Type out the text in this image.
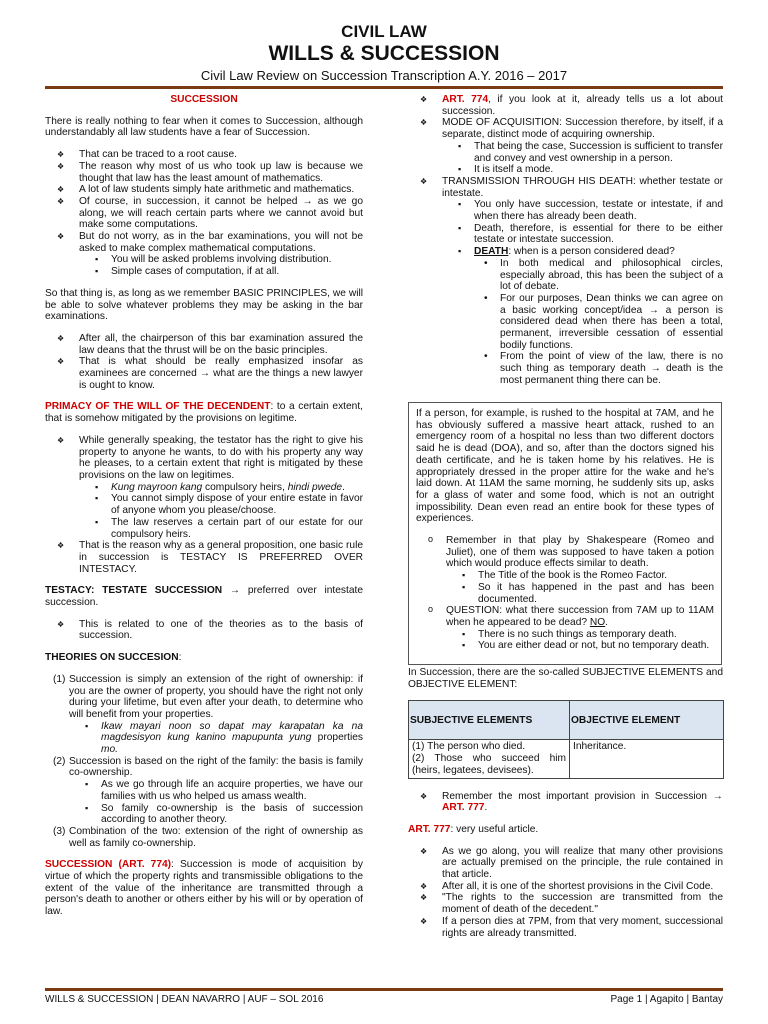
CIVIL LAW
WILLS & SUCCESSION
Civil Law Review on Succession Transcription A.Y. 2016 – 2017
SUCCESSION

There is really nothing to fear when it comes to Succession, although understandably all law students have a fear of Succession.

❖ That can be traced to a root cause.
❖ The reason why most of us who took up law is because we thought that law has the least amount of mathematics.
❖ A lot of law students simply hate arithmetic and mathematics.
❖ Of course, in succession, it cannot be helped → as we go along, we will reach certain parts where we cannot avoid but make some computations.
❖ But do not worry, as in the bar examinations, you will not be asked to make complex mathematical computations.
▪ You will be asked problems involving distribution.
▪ Simple cases of computation, if at all.

So that thing is, as long as we remember BASIC PRINCIPLES, we will be able to solve whatever problems they may be asking in the bar examinations.

❖ After all, the chairperson of this bar examination assured the law deans that the thrust will be on the basic principles.
❖ That is what should be really emphasized insofar as examinees are concerned → what are the things a new lawyer is ought to know.

PRIMACY OF THE WILL OF THE DECENDENT: to a certain extent, that is somehow mitigated by the provisions on legitime.

❖ While generally speaking, the testator has the right to give his property to anyone he wants, to do with his property any way he pleases, to a certain extent that right is mitigated by these provisions on the law on legitimes.
▪ Kung mayroon kang compulsory heirs, hindi pwede.
▪ You cannot simply dispose of your entire estate in favor of anyone whom you please/choose.
▪ The law reserves a certain part of our estate for our compulsory heirs.
❖ That is the reason why as a general proposition, one basic rule in succession is TESTACY IS PREFERRED OVER INTESTACY.

TESTACY: TESTATE SUCCESSION → preferred over intestate succession.

❖ This is related to one of the theories as to the basis of succession.

THEORIES ON SUCCESION:

(1) Succession is simply an extension of the right of ownership: if you are the owner of property, you should have the right not only during your lifetime, but even after your death, to determine who will benefit from your properties.
▪ Ikaw mayari noon so dapat may karapatan ka na magdesisyon kung kanino mapupunta yung properties mo.
(2) Succession is based on the right of the family: the basis is family co-ownership.
▪ As we go through life an acquire properties, we have our families with us who helped us amass wealth.
▪ So family co-ownership is the basis of succession according to another theory.
(3) Combination of the two: extension of the right of ownership as well as family co-ownership.

SUCCESSION (ART. 774): Succession is mode of acquisition by virtue of which the property rights and transmissible obligations to the extent of the value of the inheritance are transmitted through a person's death to another or others either by his will or by operation of law.

❖ ART. 774, if you look at it, already tells us a lot about succession.
❖ MODE OF ACQUISITION: Succession therefore, by itself, if a separate, distinct mode of acquiring ownership.
▪ That being the case, Succession is sufficient to transfer and convey and vest ownership in a person.
▪ It is itself a mode.
❖ TRANSMISSION THROUGH HIS DEATH: whether testate or intestate.
▪ You only have succession, testate or intestate, if and when there has already been death.
▪ Death, therefore, is essential for there to be either testate or intestate succession.
▪ DEATH: when is a person considered dead?
• In both medical and philosophical circles, especially abroad, this has been the subject of a lot of debate.
• For our purposes, Dean thinks we can agree on a basic working concept/idea → a person is considered dead when there has been a total, permanent, irreversible cessation of essential bodily functions.
• From the point of view of the law, there is no such thing as temporary death → death is the most permanent thing there can be.

If a person, for example, is rushed to the hospital at 7AM, and he has obviously suffered a massive heart attack, rushed to an emergency room of a hospital no less than two different doctors said he is dead (DOA), and so, after than the doctors signed his death certificate, and he is taken home by his relatives. He is appropriately dressed in the proper attire for the wake and he's laid down. At 11AM the same morning, he suddenly sits up, asks for a glass of water and some food, which is not an outright impossibility. Dean even read an entire book for these types of experiences.

o Remember in that play by Shakespeare (Romeo and Juliet), one of them was supposed to have taken a potion which would produce effects similar to death.
▪ The Title of the book is the Romeo Factor.
▪ So it has happened in the past and has been documented.
o QUESTION: what there succession from 7AM up to 11AM when he appeared to be dead? NO.
▪ There is no such things as temporary death.
▪ You are either dead or not, but no temporary death.

In Succession, there are the so-called SUBJECTIVE ELEMENTS and OBJECTIVE ELEMENT:

SUBJECTIVE ELEMENTS	OBJECTIVE ELEMENT

(1) The person who died.
(2) Those who succeed him (heirs, legatees, devisees).	Inheritance.
❖ Remember the most important provision in Succession → ART. 777.

ART. 777: very useful article.

❖ As we go along, you will realize that many other provisions are actually premised on the principle, the rule contained in that article.
❖ After all, it is one of the shortest provisions in the Civil Code.
❖ "The rights to the succession are transmitted from the moment of death of the decedent."
❖ If a person dies at 7PM, from that very moment, successional rights are already transmitted.
WILLS & SUCCESSION | DEAN NAVARRO | AUF – SOL 2016	Page 1 | Agapito | Bantay
